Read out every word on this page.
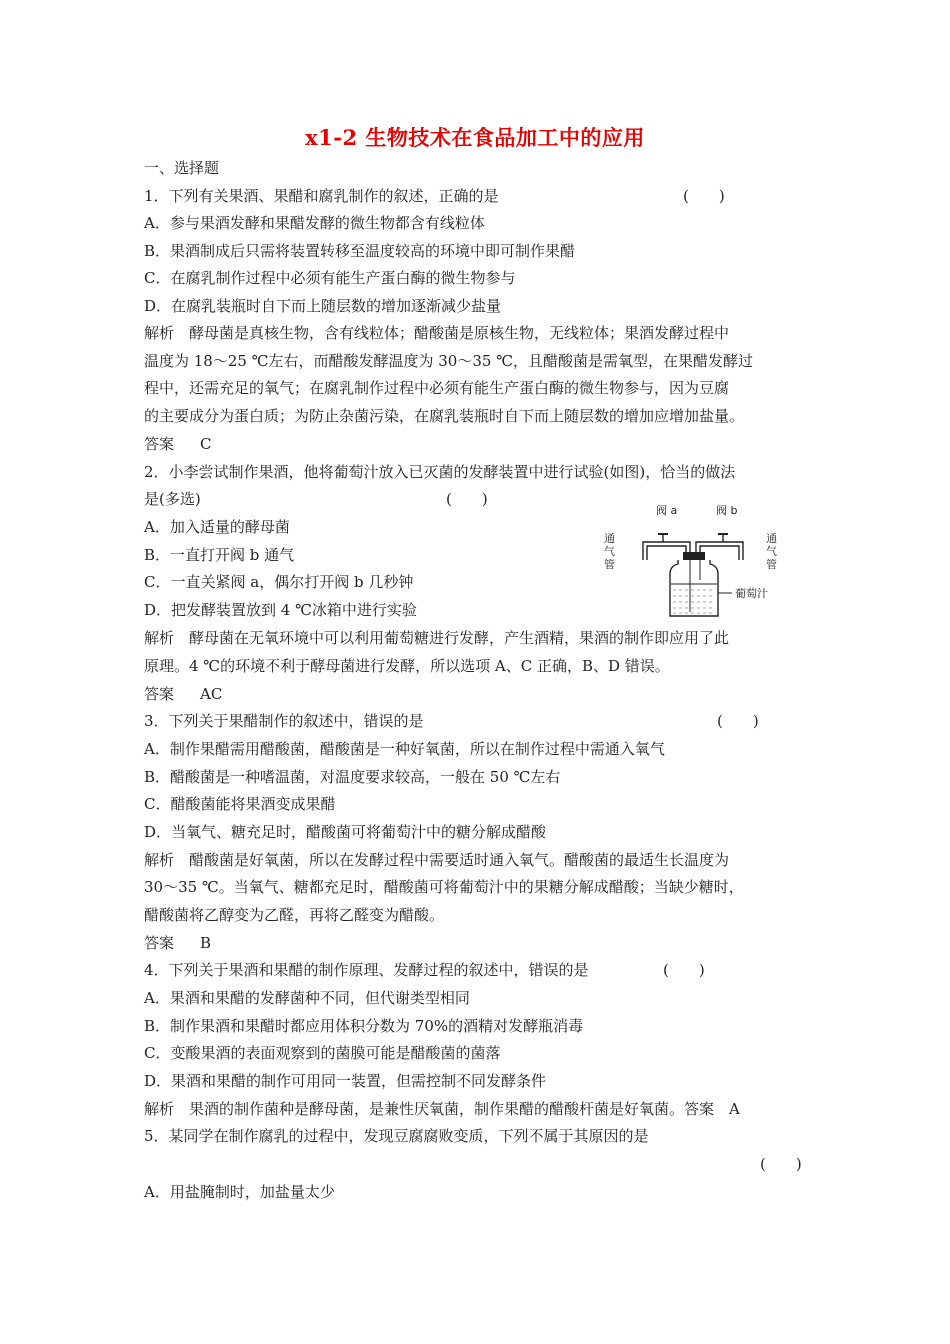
x1-2 生物技术在食品加工中的应用
一、选择题
1．下列有关果酒、果醋和腐乳制作的叙述，正确的是	(　　)
A．参与果酒发酵和果醋发酵的微生物都含有线粒体
B．果酒制成后只需将装置转移至温度较高的环境中即可制作果醋
C．在腐乳制作过程中必须有能生产蛋白酶的微生物参与
D．在腐乳装瓶时自下而上随层数的增加逐渐减少盐量
解析　酵母菌是真核生物，含有线粒体；醋酸菌是原核生物，无线粒体；果酒发酵过程中
温度为 18～25 ℃左右，而醋酸发酵温度为 30～35 ℃，且醋酸菌是需氧型，在果醋发酵过
程中，还需充足的氧气；在腐乳制作过程中必须有能生产蛋白酶的微生物参与，因为豆腐
的主要成分为蛋白质；为防止杂菌污染，在腐乳装瓶时自下而上随层数的增加应增加盐量。
答案 C
2．小李尝试制作果酒，他将葡萄汁放入已灭菌的发酵装置中进行试验(如图)，恰当的做法
是(多选)	(　　)
A．加入适量的酵母菌
B．一直打开阀 b 通气
C．一直关紧阀 a，偶尔打开阀 b 几秒钟
D．把发酵装置放到 4 ℃冰箱中进行实验
阀 a	阀 b
通
气
管
通
气
管
葡萄汁
解析　酵母菌在无氧环境中可以利用葡萄糖进行发酵，产生酒精，果酒的制作即应用了此
原理。4 ℃的环境不利于酵母菌进行发酵，所以选项 A、C 正确，B、D 错误。
答案 AC
3．下列关于果醋制作的叙述中，错误的是	(　　)
A．制作果醋需用醋酸菌，醋酸菌是一种好氧菌，所以在制作过程中需通入氧气
B．醋酸菌是一种嗜温菌，对温度要求较高，一般在 50 ℃左右
C．醋酸菌能将果酒变成果醋
D．当氧气、糖充足时，醋酸菌可将葡萄汁中的糖分解成醋酸
解析　醋酸菌是好氧菌，所以在发酵过程中需要适时通入氧气。醋酸菌的最适生长温度为
30～35 ℃。当氧气、糖都充足时，醋酸菌可将葡萄汁中的果糖分解成醋酸；当缺少糖时，
醋酸菌将乙醇变为乙醛，再将乙醛变为醋酸。
答案 B
4．下列关于果酒和果醋的制作原理、发酵过程的叙述中，错误的是	(　　)
A．果酒和果醋的发酵菌种不同，但代谢类型相同
B．制作果酒和果醋时都应用体积分数为 70%的酒精对发酵瓶消毒
C．变酸果酒的表面观察到的菌膜可能是醋酸菌的菌落
D．果酒和果醋的制作可用同一装置，但需控制不同发酵条件
解析　果酒的制作菌种是酵母菌，是兼性厌氧菌，制作果醋的醋酸杆菌是好氧菌。答案　A
5．某同学在制作腐乳的过程中，发现豆腐腐败变质，下列不属于其原因的是
(　　)
A．用盐腌制时，加盐量太少
